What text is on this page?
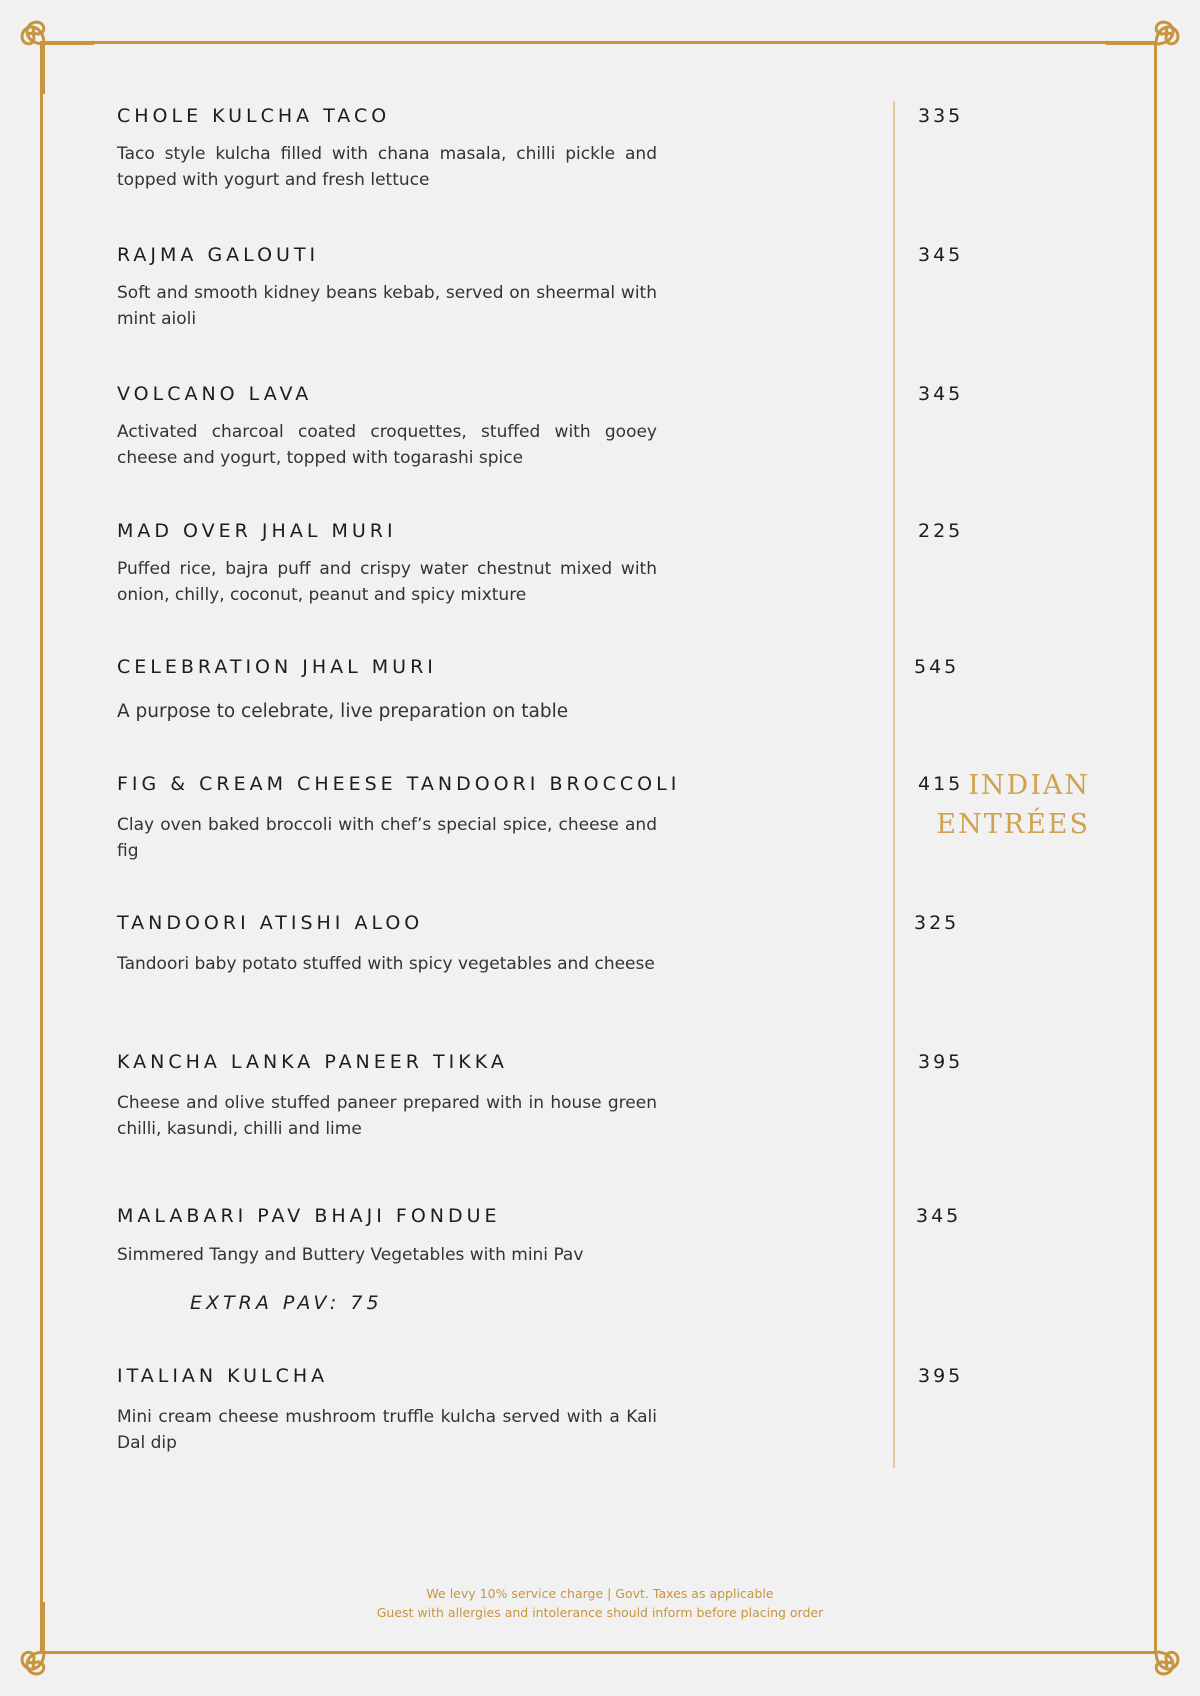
INDIAN
ENTRÉES
CHOLE KULCHA TACO	335
Taco style kulcha filled with chana masala, chilli pickle and topped with yogurt and fresh lettuce
RAJMA GALOUTI	345
Soft and smooth kidney beans kebab, served on sheermal with mint aioli
VOLCANO LAVA	345
Activated charcoal coated croquettes, stuffed with gooey cheese and yogurt, topped with togarashi spice
MAD OVER JHAL MURI	225
Puffed rice, bajra puff and crispy water chestnut mixed with onion, chilly, coconut, peanut and spicy mixture
CELEBRATION JHAL MURI	545
A purpose to celebrate, live preparation on table
FIG & CREAM CHEESE TANDOORI BROCCOLI	415
Clay oven baked broccoli with chef’s special spice, cheese and fig
TANDOORI ATISHI ALOO	325
Tandoori baby potato stuffed with spicy vegetables and cheese
KANCHA LANKA PANEER TIKKA	395
Cheese and olive stuffed paneer prepared with in house green chilli, kasundi, chilli and lime
MALABARI PAV BHAJI FONDUE	345
Simmered Tangy and Buttery Vegetables with mini Pav
EXTRA PAV: 75
ITALIAN KULCHA	395
Mini cream cheese mushroom truffle kulcha served with a Kali Dal dip
We levy 10% service charge | Govt. Taxes as applicable
Guest with allergies and intolerance should inform before placing order
